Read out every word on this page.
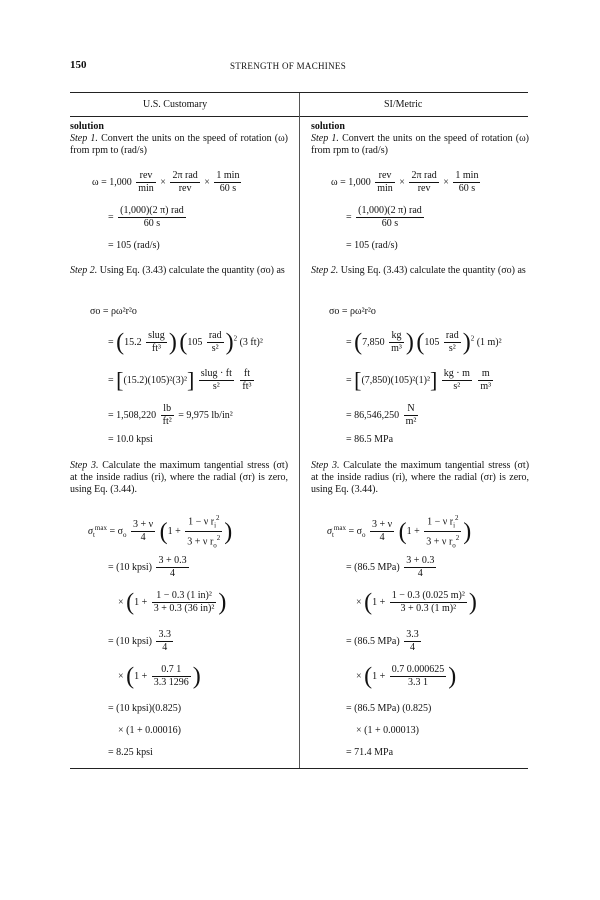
150	STRENGTH OF MACHINES
U.S. Customary	SI/Metric

solution

Step 1. Convert the units on the speed of rotation (ω) from rpm to (rad/s)

$\omega = 1,000 \frac{\text{rev}}{\min} \times \frac{\text{2π rad}}{\text{rev}} \times \frac{1 \min}{60 s}$
= $\frac{\text{(1,000)(2 π) rad}}{60 s}$
= 105 (rad/s)

Step 2. Using Eq. (3.43) calculate the quantity (σo) as

σo = ρω²r²o
= ($15.2 \frac{\text{slug}}{\text{ft³}}$ ) $(105 \frac{\text{rad}}{\text{s²}} )^2$ (3 ft)²
= $[(15.2)(105)^2(3)^2] \frac{\text{slug · ft}}{\text{s²}}$
$\frac{ft}{\text{ft³}}$
= $1,508,220 \frac{lb}{\text{ft²}} = 9,975$ lb/in²
= 10.0 kpsi

Step 3. Calculate the maximum tangential stress (σt) at the inside radius (ri), where the radial (σr) is zero, using Eq. (3.44).

$\sigma_t^{max} = \sigma_o \frac{3 + \nu}{4} (1 + \frac{1 - \nu r_i^2}{3 + \nu r_o^2}$ )
= (10 kpsi) $\frac{3 + 0.3}{4}$
× ($1 + \frac{\text{1 − 0.3 (1 in)²}}{\text{3 + 0.3 (36 in)²}}$ )
= (10 kpsi) $\frac{3.3}{4}$
× ($1 + \frac{0.7 1}{3.3 1296}$ )
= (10 kpsi)(0.825)
× (1 + 0.00016)
= 8.25 kpsi

solution

Step 1. Convert the units on the speed of rotation (ω) from rpm to (rad/s)

$\omega = 1,000 \frac{\text{rev}}{\min} \times \frac{\text{2π rad}}{\text{rev}} \times \frac{1 \min}{60 s}$
= $\frac{\text{(1,000)(2 π) rad}}{60 s}$
= 105 (rad/s)

Step 2. Using Eq. (3.43) calculate the quantity (σo) as

σo = ρω²r²o
= ($7,850 \frac{kg}{\text{m³}}$ ) $(105 \frac{\text{rad}}{\text{s²}} )^2$ (1 m)²
= $[(7,850)(105)^2(1)^2] \frac{kg \cdot m}{\text{s²}}$
$\frac{m}{\text{m³}}$
= $86,546,250 \frac{N}{\text{m²}}$
= 86.5 MPa

Step 3. Calculate the maximum tangential stress (σt) at the inside radius (ri), where the radial (σr) is zero, using Eq. (3.44).

$\sigma_t^{max} = \sigma_o \frac{3 + \nu}{4} (1 + \frac{1 - \nu r_i^2}{3 + \nu r_o^2}$ )
= (86.5 $MPa) \frac{3 + 0.3}{4}$
× ($1 + \frac{\text{1 − 0.3 (0.025 m)²}}{\text{3 + 0.3 (1 m)²}}$ )
= (86.5 $MPa) \frac{3.3}{4}$
× ($1 + \frac{0.7 0.000625}{3.3 1}$ )
= (86.5 MPa) (0.825)
× (1 + 0.00013)
= 71.4 MPa
